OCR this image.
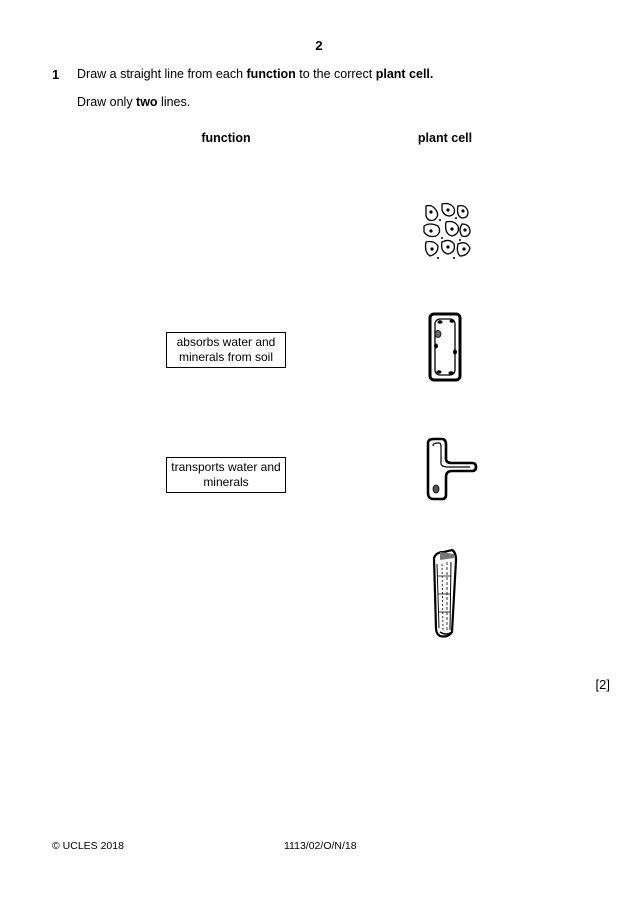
2
1 Draw a straight line from each function to the correct plant cell.
Draw only two lines.
function	plant cell
absorbs water and minerals from soil
transports water and minerals
[2]
© UCLES 2018	1113/02/O/N/18
